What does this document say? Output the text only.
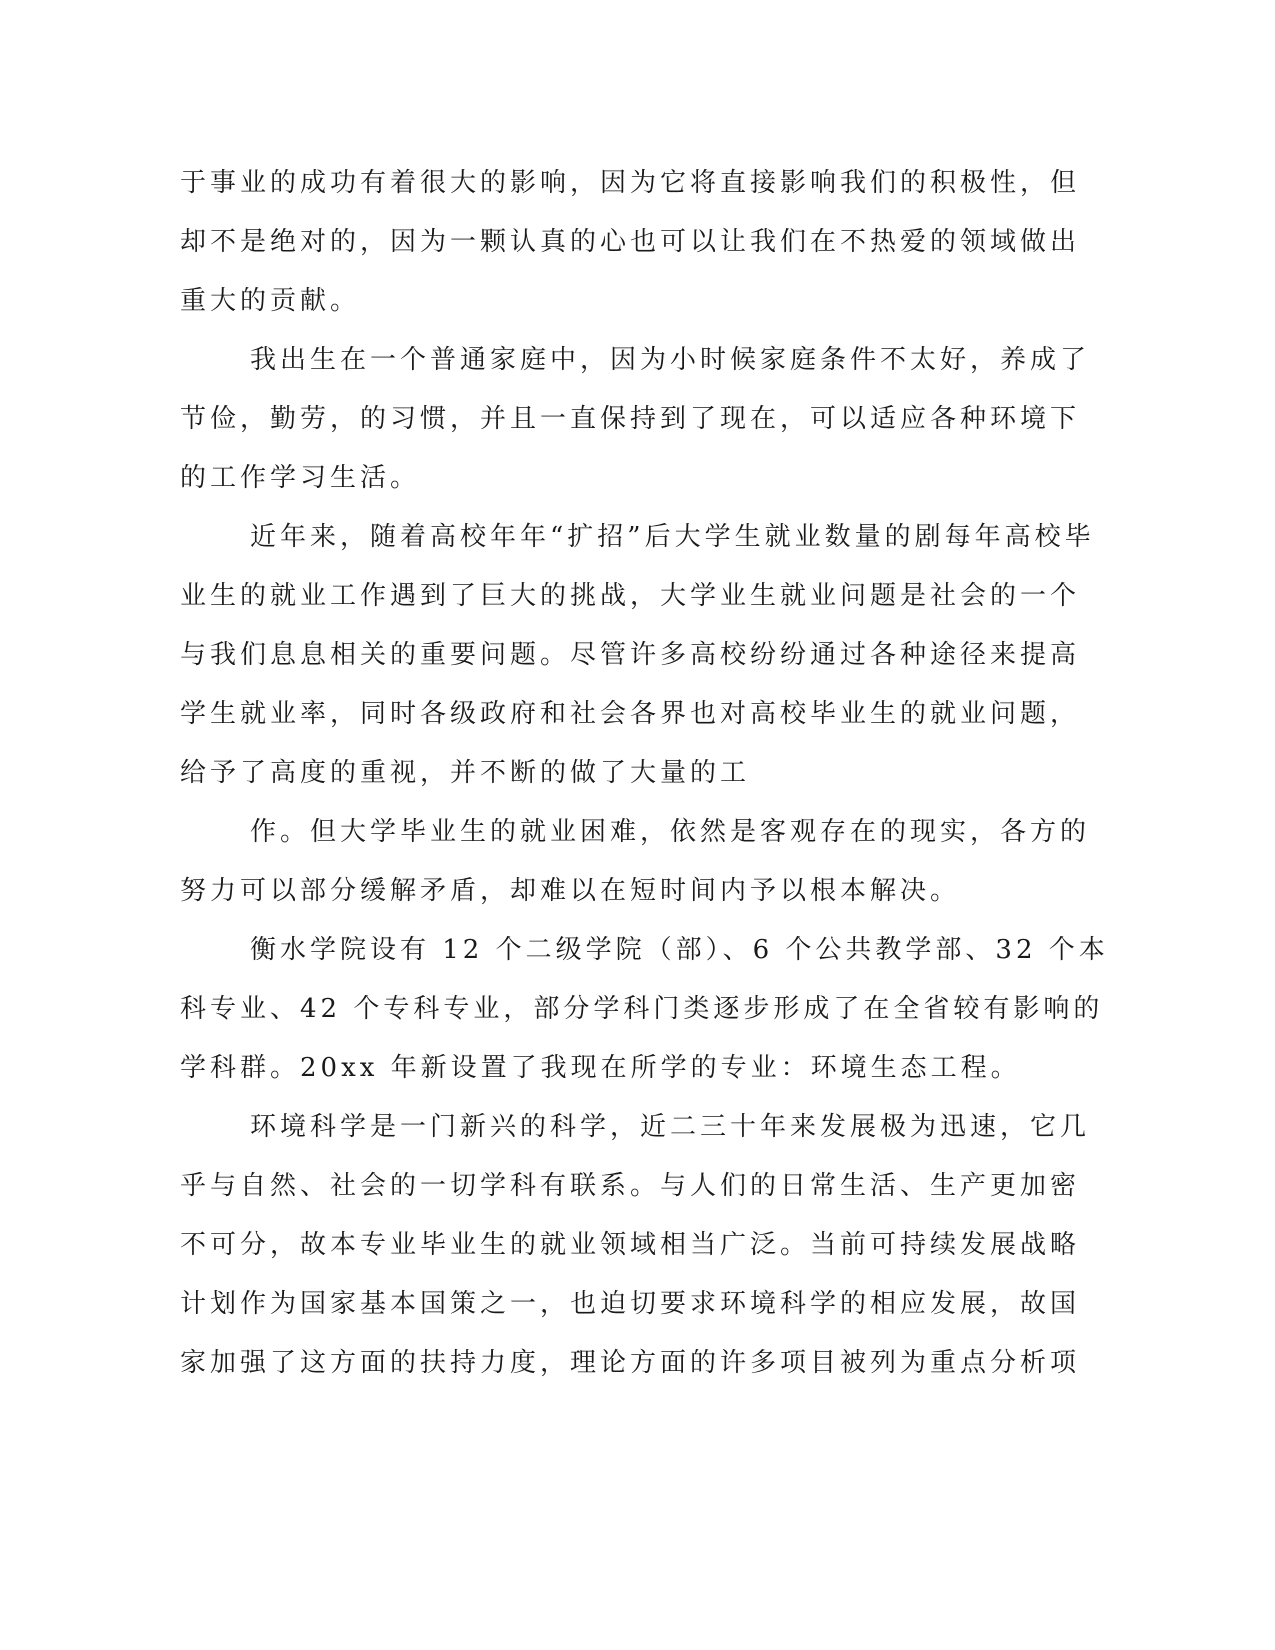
于事业的成功有着很大的影响，因为它将直接影响我们的积极性，但
却不是绝对的，因为一颗认真的心也可以让我们在不热爱的领域做出
重大的贡献。
我出生在一个普通家庭中，因为小时候家庭条件不太好，养成了
节俭，勤劳，的习惯，并且一直保持到了现在，可以适应各种环境下
的工作学习生活。
近年来，随着高校年年“扩招”后大学生就业数量的剧每年高校毕
业生的就业工作遇到了巨大的挑战，大学业生就业问题是社会的一个
与我们息息相关的重要问题。尽管许多高校纷纷通过各种途径来提高
学生就业率，同时各级政府和社会各界也对高校毕业生的就业问题，
给予了高度的重视，并不断的做了大量的工
作。但大学毕业生的就业困难，依然是客观存在的现实，各方的
努力可以部分缓解矛盾，却难以在短时间内予以根本解决。
衡水学院设有 12 个二级学院（部）、6 个公共教学部、32 个本
科专业、42 个专科专业，部分学科门类逐步形成了在全省较有影响的
学科群。20xx 年新设置了我现在所学的专业：环境生态工程。
环境科学是一门新兴的科学，近二三十年来发展极为迅速，它几
乎与自然、社会的一切学科有联系。与人们的日常生活、生产更加密
不可分，故本专业毕业生的就业领域相当广泛。当前可持续发展战略
计划作为国家基本国策之一，也迫切要求环境科学的相应发展，故国
家加强了这方面的扶持力度，理论方面的许多项目被列为重点分析项
